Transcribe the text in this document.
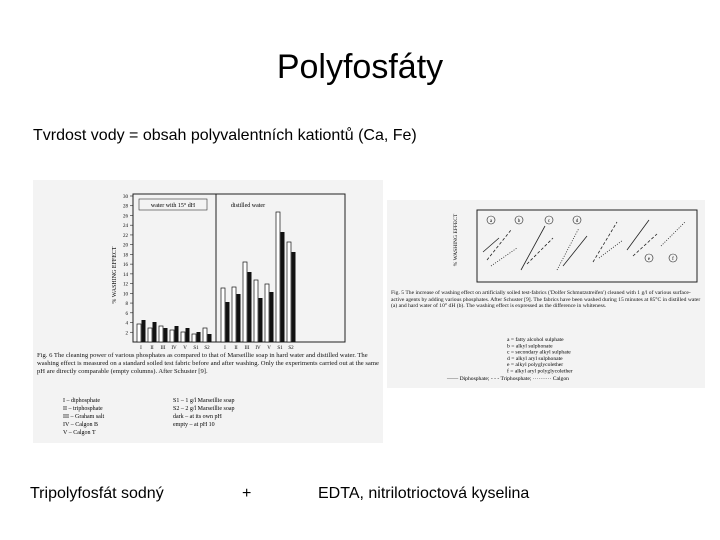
Polyfosfáty
Tvrdost vody = obsah polyvalentních kationtů (Ca, Fe)
% WASHING EFFECT
30
28
26
24
22
20
18
16
14
12
10
8
6
4
2
water with 15° dH	distilled water
I II III IV V S1 S2	I II III IV V S1 S2
Fig. 6 The cleaning power of various phosphates as compared to that of Marseillie soap in hard water and distilled water. The washing effect is measured on a standard soiled test fabric before and after washing. Only the experiments carried out at the same pH are directly comparable (empty columns). After Schuster [9].
I – diphosphate
II – triphosphate
III – Graham salt
IV – Calgon B
V – Calgon T
S1 – 1 g/l Marseillie soap
S2 – 2 g/l Marseillie soap
dark – at its own pH
empty – at pH 10
% WASHING EFFECT	a	b	c	d
e	f
Fig. 5 The increase of washing effect on artificially soiled test-fabrics ('Dolfer Schmutzstreifen') cleaned with 1 g/l of various surface-active agents by adding various phosphates. After Schuster [9]. The fabrics have been washed during 15 minutes at 85°C in distilled water (a) and hard water of 10° dH (b). The washing effect is expressed as the difference in whiteness.
a = fatty alcohol sulphate
b = alkyl sulphonate
c = secondary alkyl sulphate
d = alkyl aryl sulphonate
e = alkyl polyglycolether
f = alkyl aryl polyglycolether
—— Diphosphate; - - - Triphosphate; ·········· Calgon
Tripolyfosfát sodný	+	EDTA, nitrilotrioctová kyselina
